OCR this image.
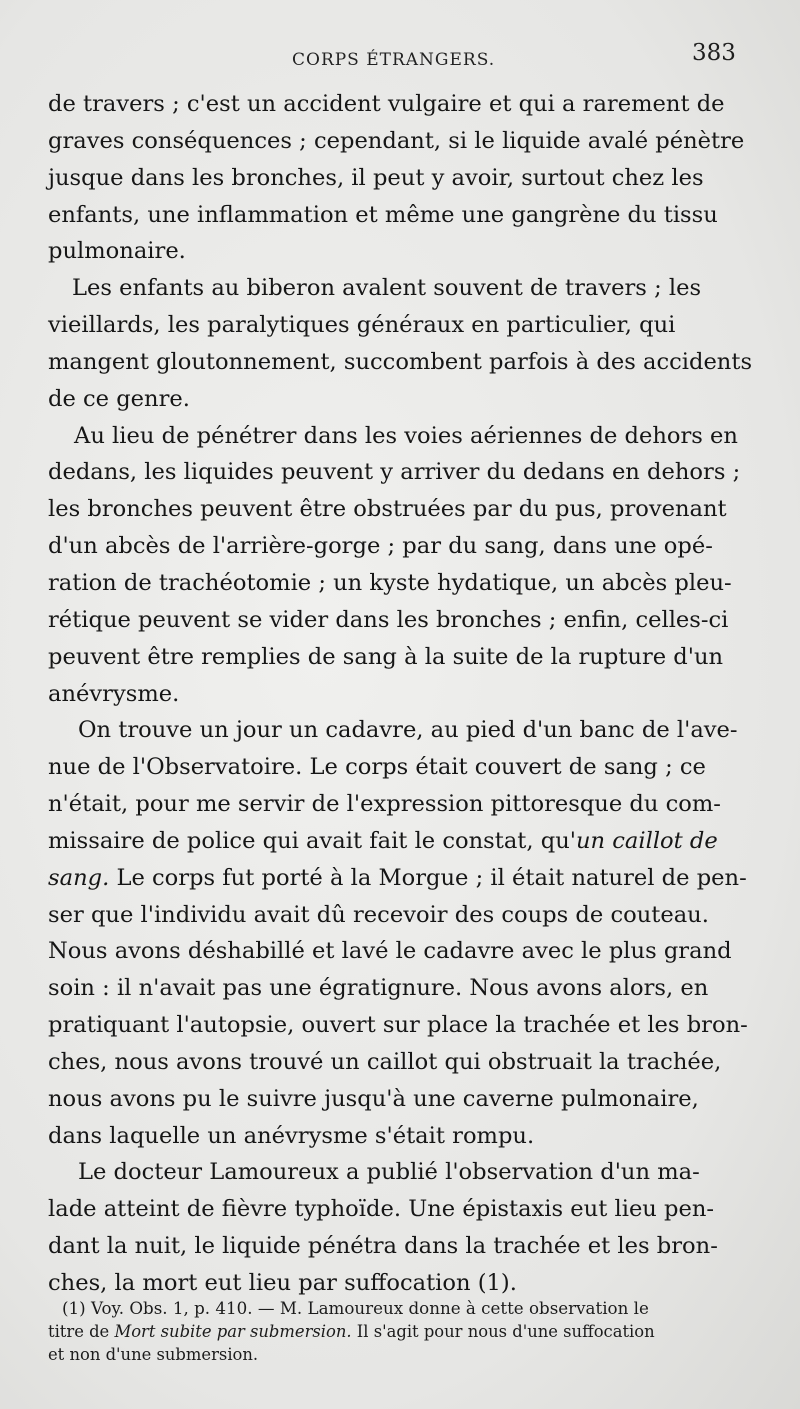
CORPS ÉTRANGERS.	383
de travers ; c'est un accident vulgaire et qui a rarement de
graves conséquences ; cependant, si le liquide avalé pénètre
jusque dans les bronches, il peut y avoir, surtout chez les
enfants, une inflammation et même une gangrène du tissu
pulmonaire.
Les enfants au biberon avalent souvent de travers ; les
vieillards, les paralytiques généraux en particulier, qui
mangent gloutonnement, succombent parfois à des accidents
de ce genre.
Au lieu de pénétrer dans les voies aériennes de dehors en
dedans, les liquides peuvent y arriver du dedans en dehors ;
les bronches peuvent être obstruées par du pus, provenant
d'un abcès de l'arrière-gorge ; par du sang, dans une opé-
ration de trachéotomie ; un kyste hydatique, un abcès pleu-
rétique peuvent se vider dans les bronches ; enfin, celles-ci
peuvent être remplies de sang à la suite de la rupture d'un
anévrysme.
On trouve un jour un cadavre, au pied d'un banc de l'ave-
nue de l'Observatoire. Le corps était couvert de sang ; ce
n'était, pour me servir de l'expression pittoresque du com-
missaire de police qui avait fait le constat, qu'un caillot de
sang. Le corps fut porté à la Morgue ; il était naturel de pen-
ser que l'individu avait dû recevoir des coups de couteau.
Nous avons déshabillé et lavé le cadavre avec le plus grand
soin : il n'avait pas une égratignure. Nous avons alors, en
pratiquant l'autopsie, ouvert sur place la trachée et les bron-
ches, nous avons trouvé un caillot qui obstruait la trachée,
nous avons pu le suivre jusqu'à une caverne pulmonaire,
dans laquelle un anévrysme s'était rompu.
Le docteur Lamoureux a publié l'observation d'un ma-
lade atteint de fièvre typhoïde. Une épistaxis eut lieu pen-
dant la nuit, le liquide pénétra dans la trachée et les bron-
ches, la mort eut lieu par suffocation (1).
(1) Voy. Obs. 1, p. 410. — M. Lamoureux donne à cette observation le
titre de Mort subite par submersion. Il s'agit pour nous d'une suffocation
et non d'une submersion.
